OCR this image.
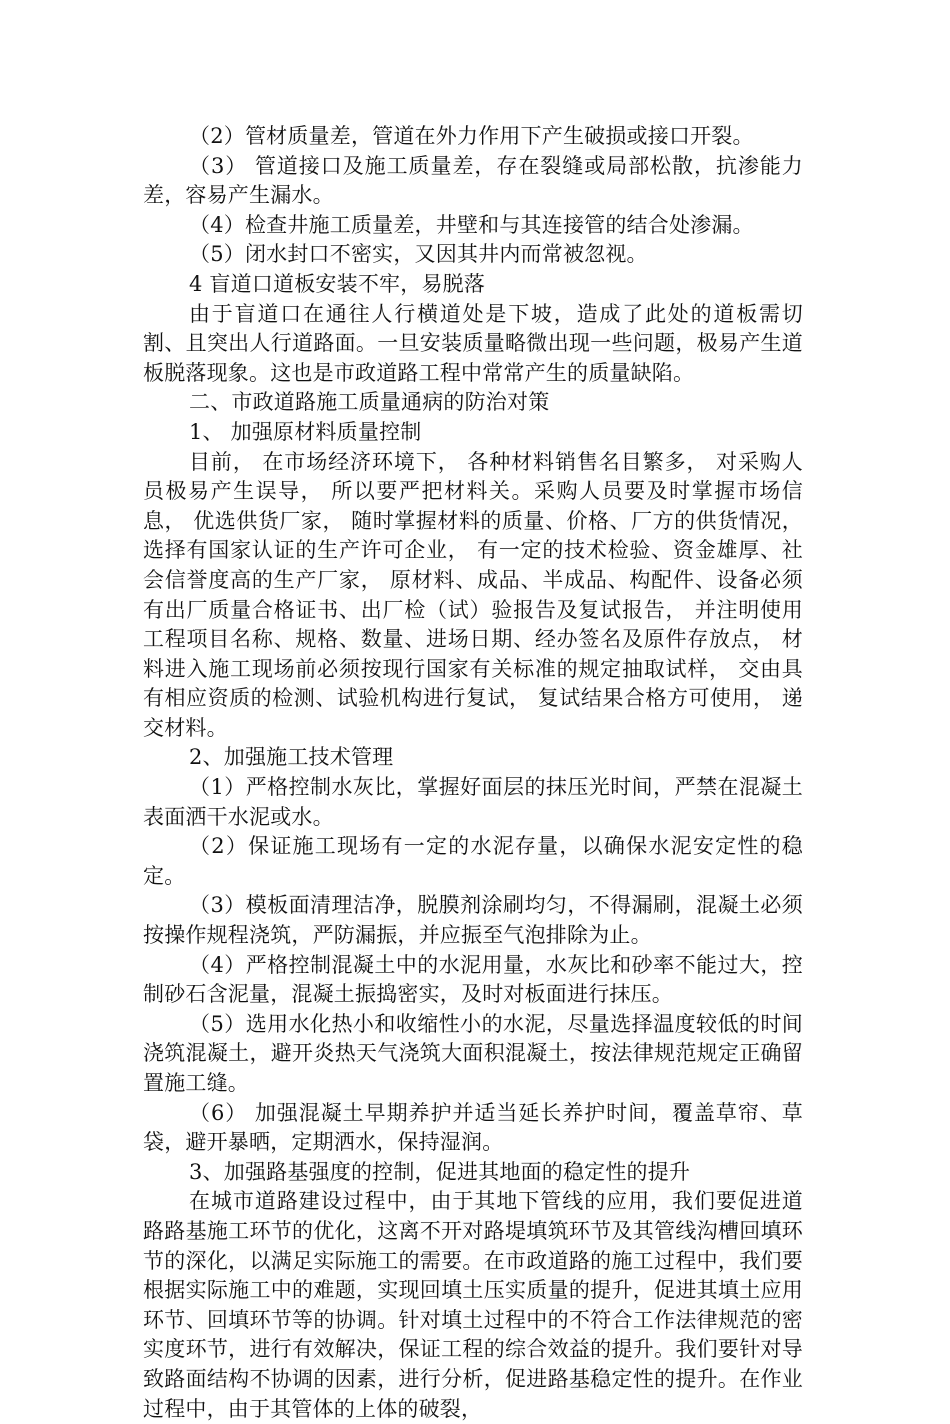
（2）管材质量差，管道在外力作用下产生破损或接口开裂。

（3） 管道接口及施工质量差，存在裂缝或局部松散，抗渗能力差，容易产生漏水。

（4）检查井施工质量差，井壁和与其连接管的结合处渗漏。

（5）闭水封口不密实，又因其井内而常被忽视。

4 盲道口道板安装不牢，易脱落

由于盲道口在通往人行横道处是下坡，造成了此处的道板需切割、且突出人行道路面。一旦安装质量略微出现一些问题，极易产生道板脱落现象。这也是市政道路工程中常常产生的质量缺陷。

二、市政道路施工质量通病的防治对策

1、 加强原材料质量控制

目前， 在市场经济环境下， 各种材料销售名目繁多， 对采购人员极易产生误导， 所以要严把材料关。采购人员要及时掌握市场信息， 优选供货厂家， 随时掌握材料的质量、价格、厂方的供货情况， 选择有国家认证的生产许可企业， 有一定的技术检验、资金雄厚、社会信誉度高的生产厂家， 原材料、成品、半成品、构配件、设备必须有出厂质量合格证书、出厂检（试）验报告及复试报告， 并注明使用工程项目名称、规格、数量、进场日期、经办签名及原件存放点， 材料进入施工现场前必须按现行国家有关标准的规定抽取试样， 交由具有相应资质的检测、试验机构进行复试， 复试结果合格方可使用， 递交材料。

2、加强施工技术管理

（1）严格控制水灰比，掌握好面层的抹压光时间，严禁在混凝土表面洒干水泥或水。

（2）保证施工现场有一定的水泥存量，以确保水泥安定性的稳定。

（3）模板面清理洁净，脱膜剂涂刷均匀，不得漏刷，混凝土必须按操作规程浇筑，严防漏振，并应振至气泡排除为止。

（4）严格控制混凝土中的水泥用量，水灰比和砂率不能过大，控制砂石含泥量，混凝土振捣密实，及时对板面进行抹压。

（5）选用水化热小和收缩性小的水泥，尽量选择温度较低的时间浇筑混凝土，避开炎热天气浇筑大面积混凝土，按法律规范规定正确留置施工缝。

（6） 加强混凝土早期养护并适当延长养护时间，覆盖草帘、草袋，避开暴晒，定期洒水，保持湿润。

3、加强路基强度的控制，促进其地面的稳定性的提升

在城市道路建设过程中，由于其地下管线的应用，我们要促进道路路基施工环节的优化，这离不开对路堤填筑环节及其管线沟槽回填环节的深化，以满足实际施工的需要。在市政道路的施工过程中，我们要根据实际施工中的难题，实现回填土压实质量的提升，促进其填土应用环节、回填环节等的协调。针对填土过程中的不符合工作法律规范的密实度环节，进行有效解决，保证工程的综合效益的提升。我们要针对导致路面结构不协调的因素，进行分析，促进路基稳定性的提升。在作业过程中，由于其管体的上体的破裂，
